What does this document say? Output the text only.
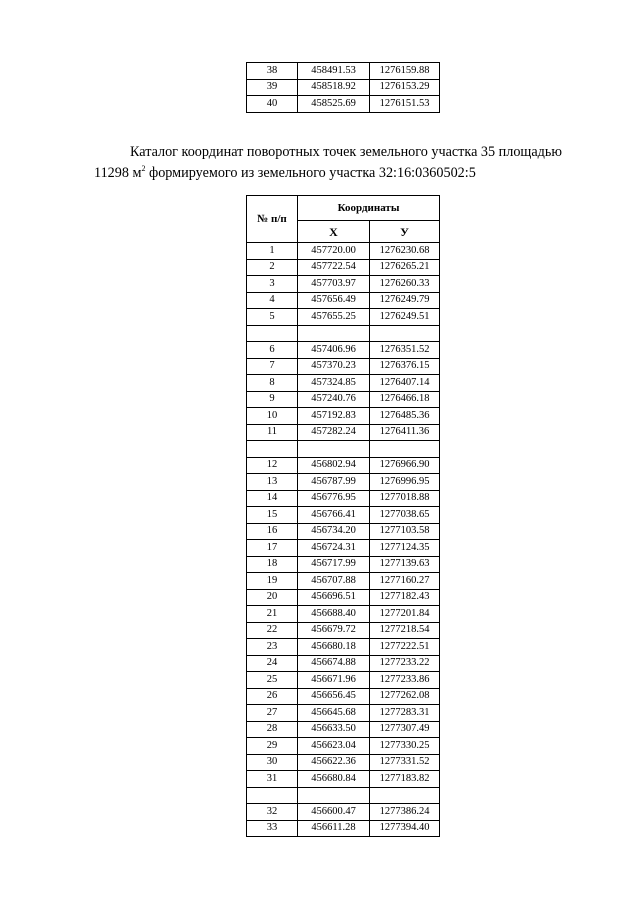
38	458491.53	1276159.88
39	458518.92	1276153.29
40	458525.69	1276151.53

Каталог координат поворотных точек земельного участка 35 площадью
11298 $м^2$ формируемого из земельного участка 32:16:0360502:5

№ п/п	Координаты	
	Х	У
1	457720.00	1276230.68
2	457722.54	1276265.21
3	457703.97	1276260.33
4	457656.49	1276249.79
5	457655.25	1276249.51

6	457406.96	1276351.52
7	457370.23	1276376.15
8	457324.85	1276407.14
9	457240.76	1276466.18
10	457192.83	1276485.36
11	457282.24	1276411.36

12	456802.94	1276966.90
13	456787.99	1276996.95
14	456776.95	1277018.88
15	456766.41	1277038.65
16	456734.20	1277103.58
17	456724.31	1277124.35
18	456717.99	1277139.63
19	456707.88	1277160.27
20	456696.51	1277182.43
21	456688.40	1277201.84
22	456679.72	1277218.54
23	456680.18	1277222.51
24	456674.88	1277233.22
25	456671.96	1277233.86
26	456656.45	1277262.08
27	456645.68	1277283.31
28	456633.50	1277307.49
29	456623.04	1277330.25
30	456622.36	1277331.52
31	456680.84	1277183.82

32	456600.47	1277386.24
33	456611.28	1277394.40
